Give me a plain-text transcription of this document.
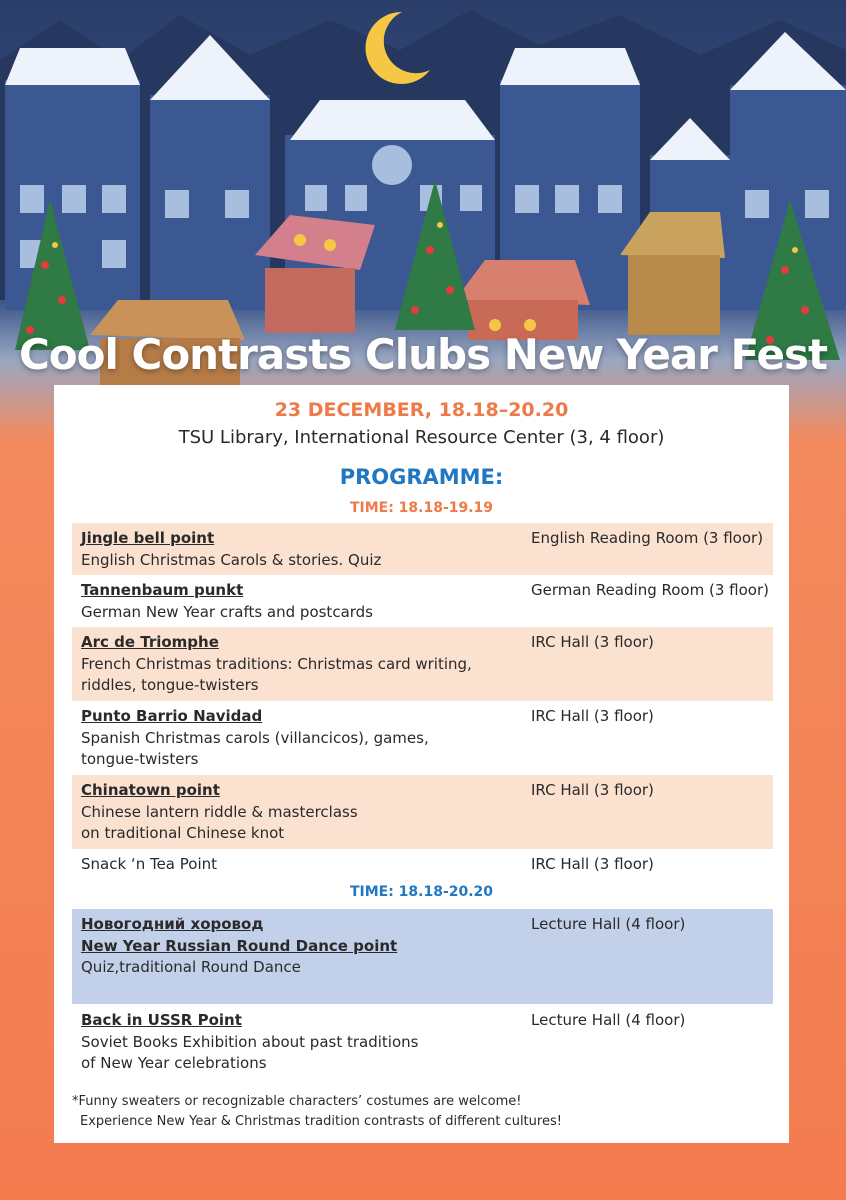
Cool Contrasts Clubs New Year Fest
23 DECEMBER, 18.18–20.20
TSU Library, International Resource Center (3, 4 floor)
PROGRAMME:
TIME: 18.18-19.19
Jingle bell point
English Christmas Carols & stories. Quiz
English Reading Room (3 floor)
Tannenbaum punkt
German New Year crafts and postcards
German Reading Room (3 floor)
Arc de Triomphe
French Christmas traditions: Christmas card writing,
riddles, tongue-twisters
IRC Hall (3 floor)
Punto Barrio Navidad
Spanish Christmas carols (villancicos), games,
tongue-twisters
IRC Hall (3 floor)
Chinatown point
Chinese lantern riddle & masterclass
on traditional Chinese knot
IRC Hall (3 floor)
Snack ‘n Tea Point	IRC Hall (3 floor)
TIME: 18.18-20.20
Новогодний хоровод
New Year Russian Round Dance point
Quiz,traditional Round Dance
Lecture Hall (4 floor)
Back in USSR Point
Soviet Books Exhibition about past traditions
of New Year celebrations
Lecture Hall (4 floor)
*Funny sweaters or recognizable characters’ costumes are welcome!
Experience New Year & Christmas tradition contrasts of different cultures!
